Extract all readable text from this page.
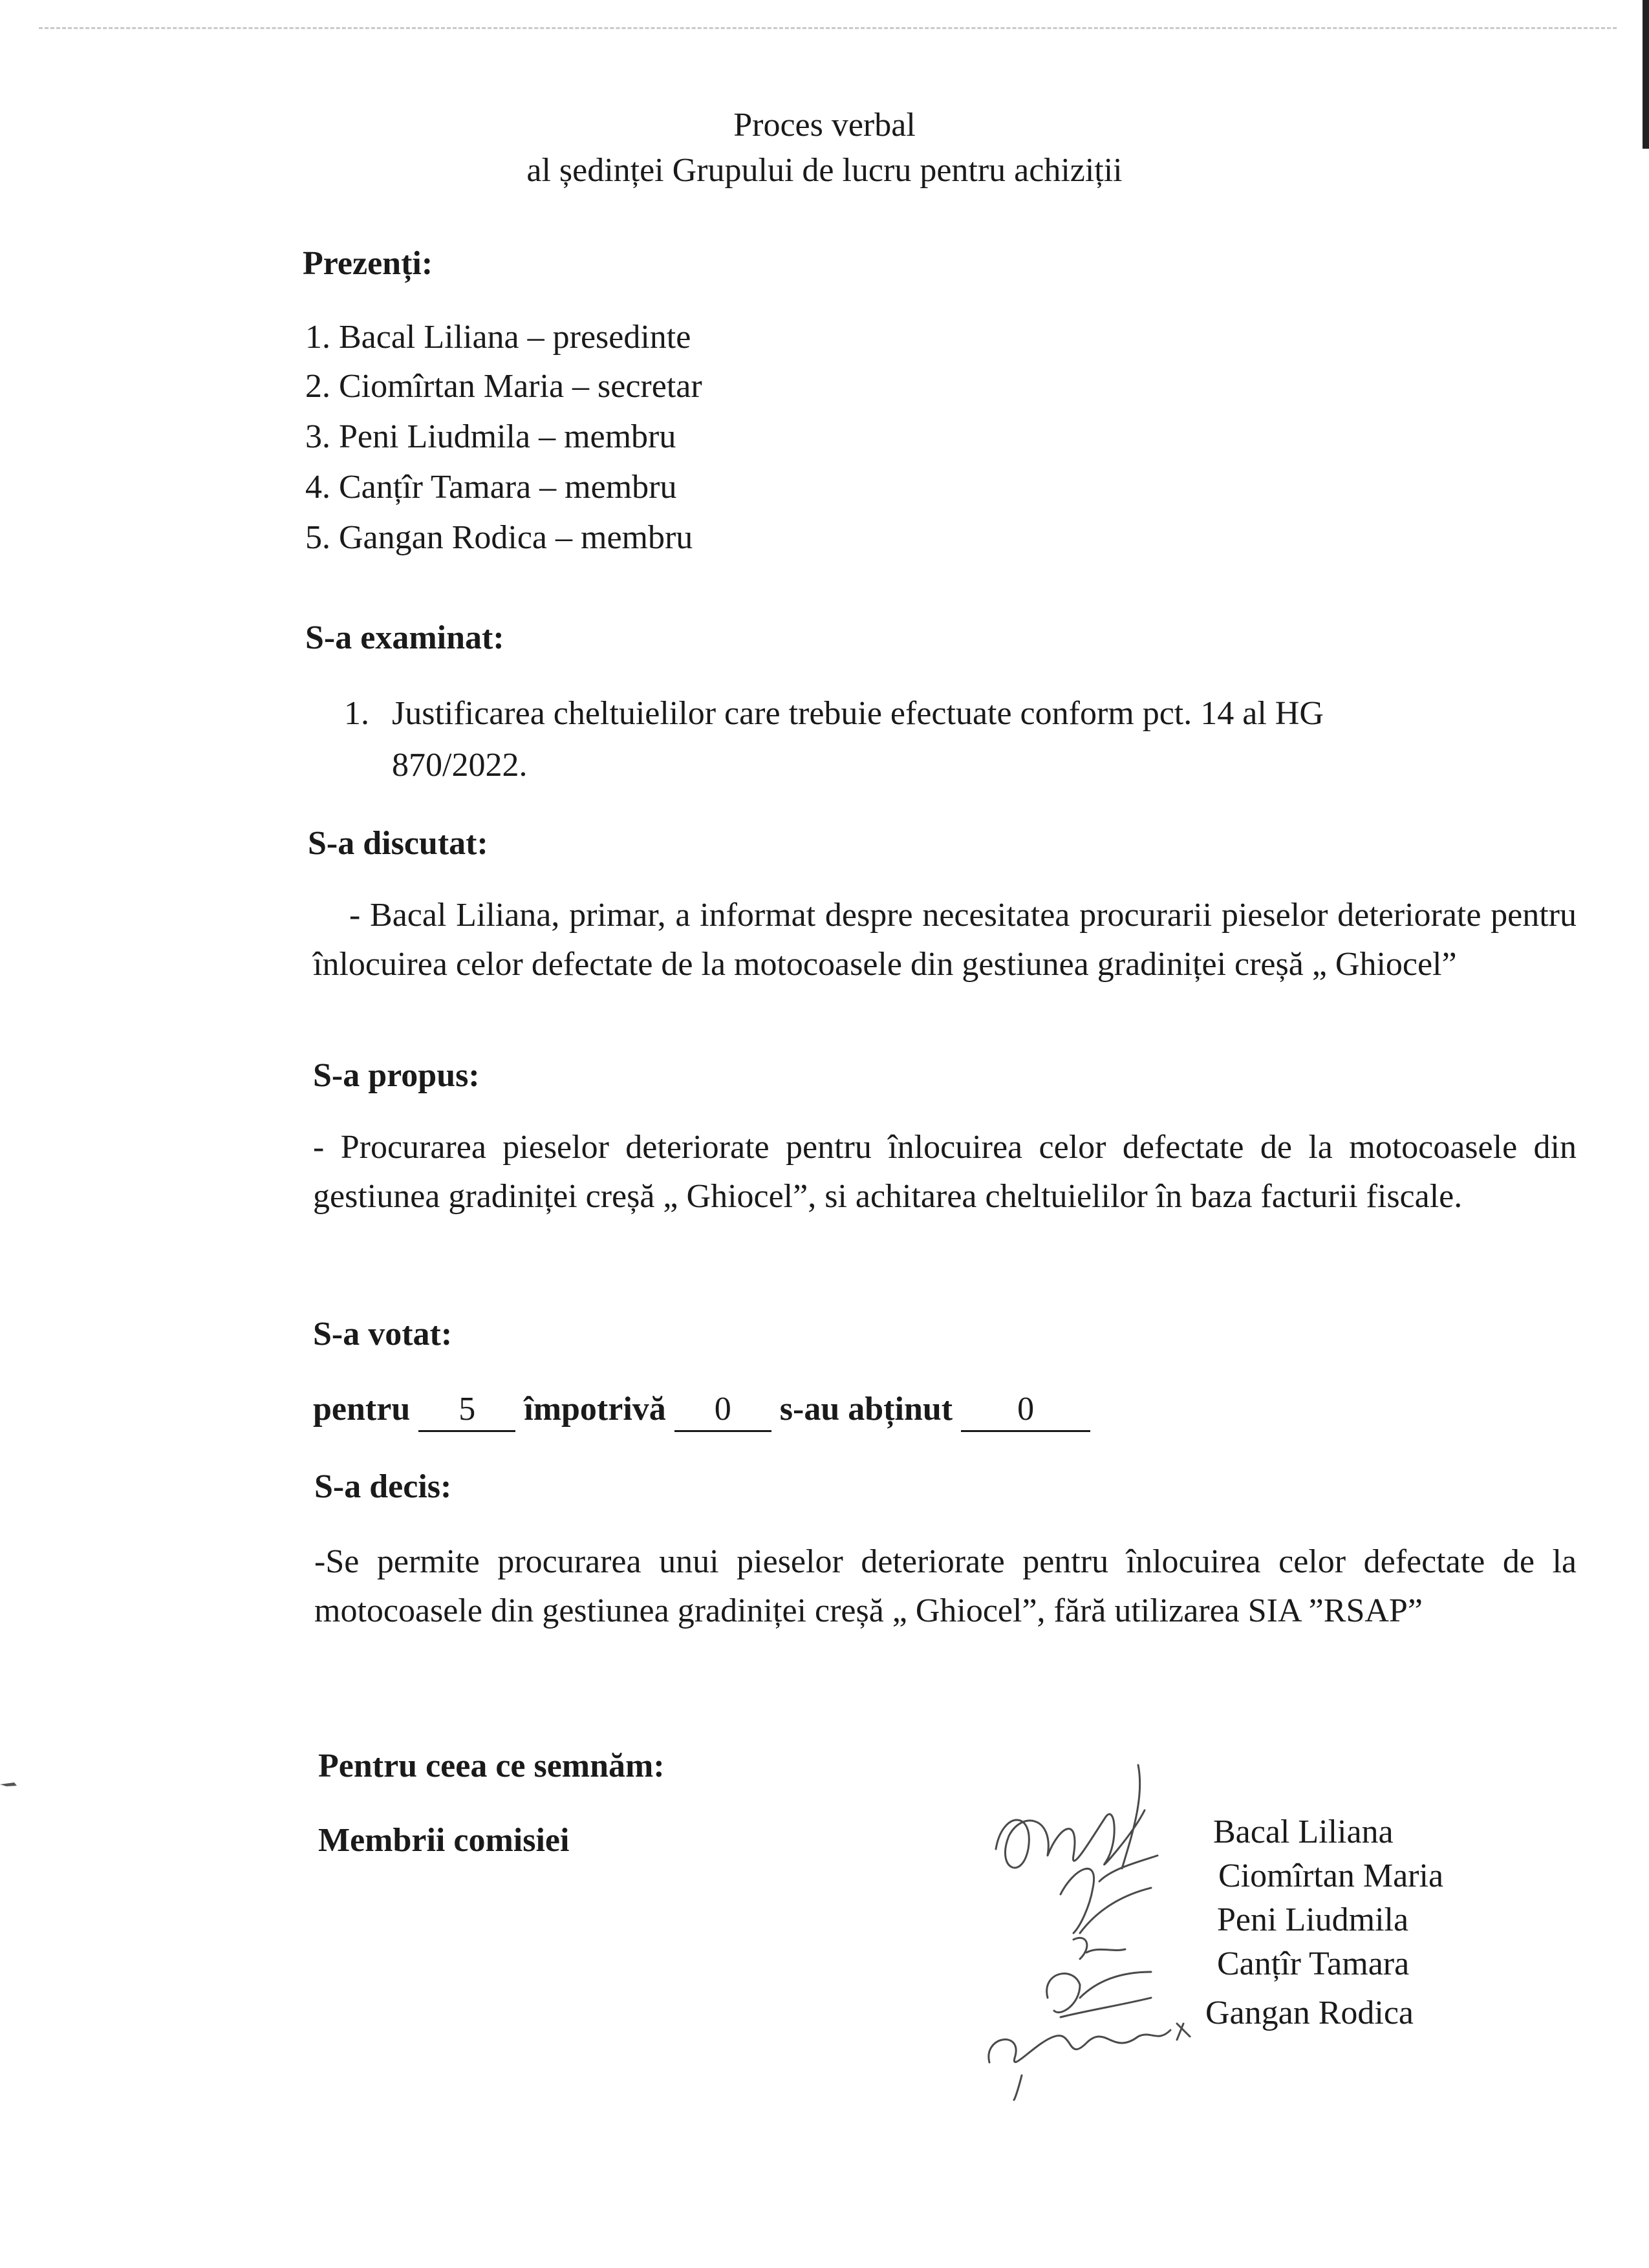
Proces verbal
al ședinței Grupului de lucru pentru achiziții
Prezenți:
1. Bacal Liliana – presedinte
2. Ciomîrtan Maria – secretar
3. Peni Liudmila – membru
4. Canțîr Tamara – membru
5. Gangan Rodica – membru
S-a examinat:
1. Justificarea cheltuielilor care trebuie efectuate conform pct. 14 al HG
870/2022.
S-a discutat:
- Bacal Liliana, primar, a informat despre necesitatea procurarii pieselor deteriorate pentru înlocuirea celor defectate de la motocoasele din gestiunea gradiniței creșă „ Ghiocel”
S-a propus:
- Procurarea pieselor deteriorate pentru înlocuirea celor defectate de la motocoasele din gestiunea gradiniței creșă „ Ghiocel”, si achitarea cheltuielilor în baza facturii fiscale.
S-a votat:
pentru 5 împotrivă 0 s-au abținut 0
S-a decis:
-Se permite procurarea unui pieselor deteriorate pentru înlocuirea celor defectate de la motocoasele din gestiunea gradiniței creșă „ Ghiocel”, fără utilizarea SIA ”RSAP”
Pentru ceea ce semnăm:
Membrii comisiei	Bacal Liliana
Ciomîrtan Maria
Peni Liudmila
Canțîr Tamara
Gangan Rodica
